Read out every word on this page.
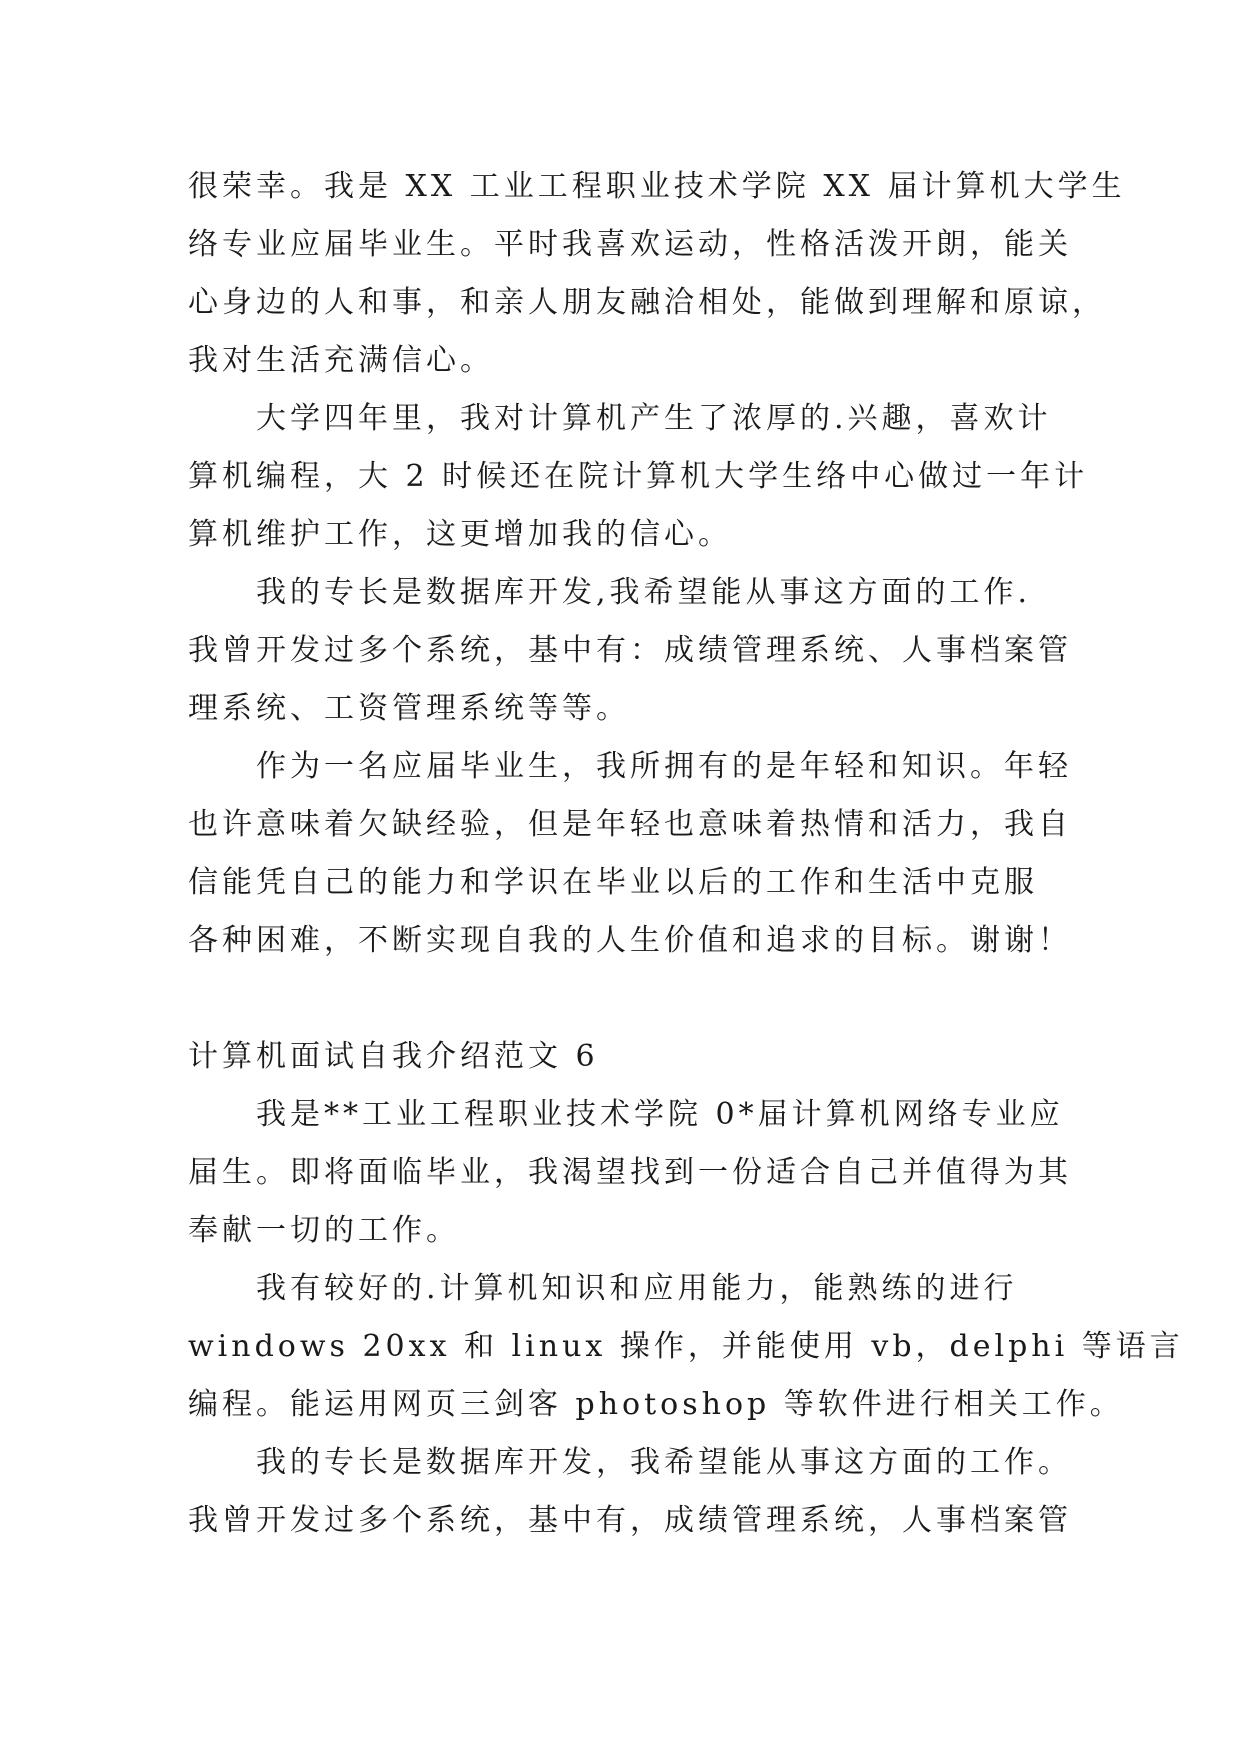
很荣幸。我是 XX 工业工程职业技术学院 XX 届计算机大学生
络专业应届毕业生。平时我喜欢运动，性格活泼开朗，能关
心身边的人和事，和亲人朋友融洽相处，能做到理解和原谅，
我对生活充满信心。

大学四年里，我对计算机产生了浓厚的.兴趣，喜欢计
算机编程，大 2 时候还在院计算机大学生络中心做过一年计
算机维护工作，这更增加我的信心。

我的专长是数据库开发,我希望能从事这方面的工作.
我曾开发过多个系统，基中有：成绩管理系统、人事档案管
理系统、工资管理系统等等。

作为一名应届毕业生，我所拥有的是年轻和知识。年轻
也许意味着欠缺经验，但是年轻也意味着热情和活力，我自
信能凭自己的能力和学识在毕业以后的工作和生活中克服
各种困难，不断实现自我的人生价值和追求的目标。谢谢！

计算机面试自我介绍范文 6

我是**工业工程职业技术学院 0*届计算机网络专业应
届生。即将面临毕业，我渴望找到一份适合自己并值得为其
奉献一切的工作。

我有较好的.计算机知识和应用能力，能熟练的进行
windows 20xx 和 linux 操作，并能使用 vb，delphi 等语言
编程。能运用网页三剑客 photoshop 等软件进行相关工作。

我的专长是数据库开发，我希望能从事这方面的工作。
我曾开发过多个系统，基中有，成绩管理系统，人事档案管
